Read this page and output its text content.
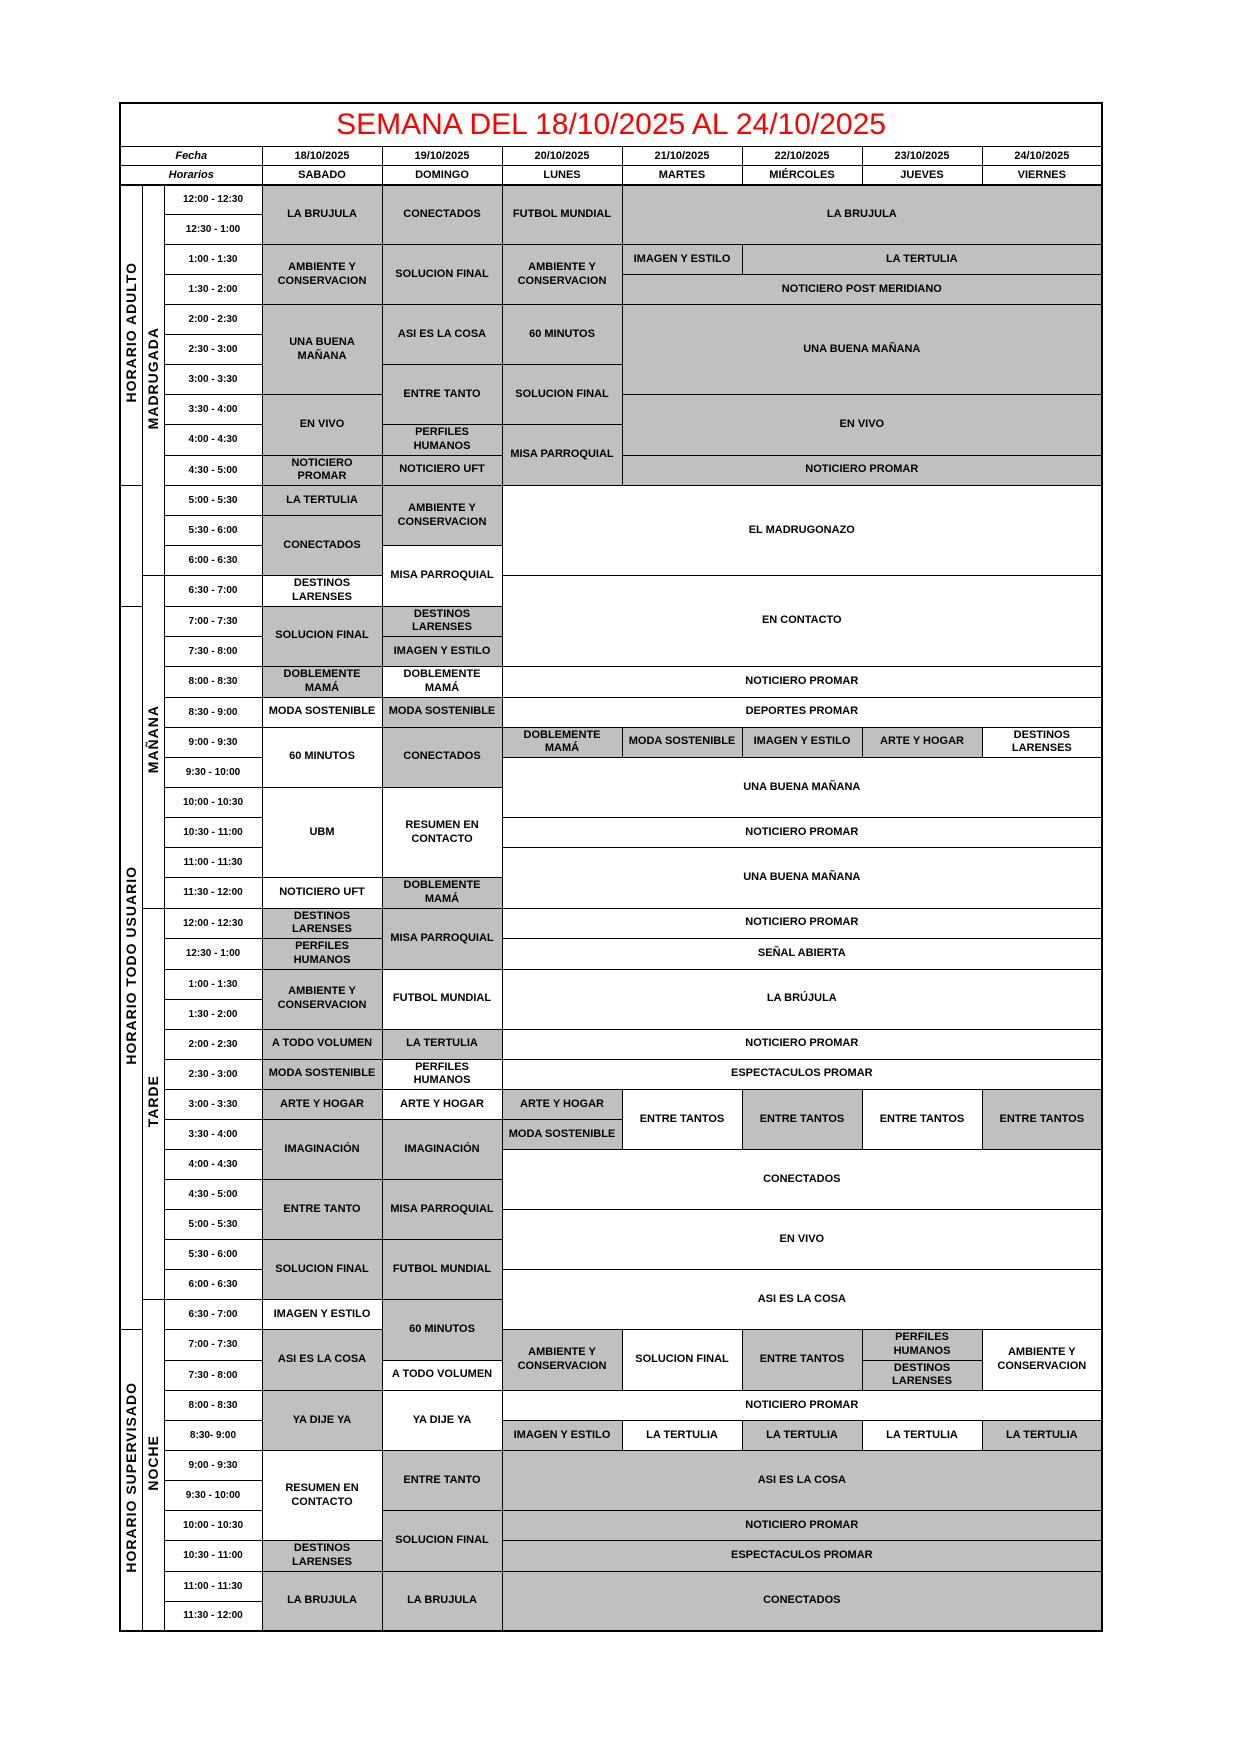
SEMANA DEL 18/10/2025 AL 24/10/2025									
Fecha			18/10/2025	19/10/2025	20/10/2025	21/10/2025	22/10/2025	23/10/2025	24/10/2025
Horarios			SABADO	DOMINGO	LUNES	MARTES	MIÉRCOLES	JUEVES	VIERNES
HORARIO ADULTO	MADRUGADA	12:00 - 12:30	LA BRUJULA	CONECTADOS	FUTBOL MUNDIAL	LA BRUJULA			
		12:30 - 1:00							
		1:00 - 1:30	AMBIENTE Y CONSERVACION	SOLUCION FINAL	AMBIENTE Y CONSERVACION	IMAGEN Y ESTILO	LA TERTULIA		
		1:30 - 2:00				NOTICIERO POST MERIDIANO			
		2:00 - 2:30	UNA BUENA MAÑANA	ASI ES LA COSA	60 MINUTOS	UNA BUENA MAÑANA			
		2:30 - 3:00							
		3:00 - 3:30		ENTRE TANTO	SOLUCION FINAL				
		3:30 - 4:00	EN VIVO			EN VIVO			
		4:00 - 4:30		PERFILES HUMANOS	MISA PARROQUIAL				
		4:30 - 5:00	NOTICIERO PROMAR	NOTICIERO UFT		NOTICIERO PROMAR			
		5:00 - 5:30	LA TERTULIA	AMBIENTE Y CONSERVACION	EL MADRUGONAZO				
		5:30 - 6:00	CONECTADOS						
		6:00 - 6:30		MISA PARROQUIAL					
	MAÑANA	6:30 - 7:00	DESTINOS LARENSES		EN CONTACTO				
HORARIO TODO USUARIO		7:00 - 7:30	SOLUCION FINAL	DESTINOS LARENSES					
		7:30 - 8:00		IMAGEN Y ESTILO					
		8:00 - 8:30	DOBLEMENTE MAMÁ	DOBLEMENTE MAMÁ	NOTICIERO PROMAR				
		8:30 - 9:00	MODA SOSTENIBLE	MODA SOSTENIBLE	DEPORTES PROMAR				
		9:00 - 9:30	60 MINUTOS	CONECTADOS	DOBLEMENTE MAMÁ	MODA SOSTENIBLE	IMAGEN Y ESTILO	ARTE Y HOGAR	DESTINOS LARENSES
		9:30 - 10:00			UNA BUENA MAÑANA				
		10:00 - 10:30	UBM	RESUMEN EN CONTACTO					
		10:30 - 11:00			NOTICIERO PROMAR				
		11:00 - 11:30			UNA BUENA MAÑANA				
		11:30 - 12:00	NOTICIERO UFT	DOBLEMENTE MAMÁ					
	TARDE	12:00 - 12:30	DESTINOS LARENSES	MISA PARROQUIAL	NOTICIERO PROMAR				
		12:30 - 1:00	PERFILES HUMANOS		SEÑAL ABIERTA				
		1:00 - 1:30	AMBIENTE Y CONSERVACION	FUTBOL MUNDIAL	LA BRÚJULA				
		1:30 - 2:00							
		2:00 - 2:30	A TODO VOLUMEN	LA TERTULIA	NOTICIERO PROMAR				
		2:30 - 3:00	MODA SOSTENIBLE	PERFILES HUMANOS	ESPECTACULOS PROMAR				
		3:00 - 3:30	ARTE Y HOGAR	ARTE Y HOGAR	ARTE Y HOGAR	ENTRE TANTOS	ENTRE TANTOS	ENTRE TANTOS	ENTRE TANTOS
		3:30 - 4:00	IMAGINACIÓN	IMAGINACIÓN	MODA SOSTENIBLE				
		4:00 - 4:30			CONECTADOS				
		4:30 - 5:00	ENTRE TANTO	MISA PARROQUIAL					
		5:00 - 5:30			EN VIVO				
		5:30 - 6:00	SOLUCION FINAL	FUTBOL MUNDIAL					
		6:00 - 6:30			ASI ES LA COSA				
	NOCHE	6:30 - 7:00	IMAGEN Y ESTILO	60 MINUTOS					
HORARIO SUPERVISADO		7:00 - 7:30	ASI ES LA COSA		AMBIENTE Y CONSERVACION	SOLUCION FINAL	ENTRE TANTOS	PERFILES HUMANOS	AMBIENTE Y CONSERVACION
		7:30 - 8:00		A TODO VOLUMEN				DESTINOS LARENSES	
		8:00 - 8:30	YA DIJE YA	YA DIJE YA	NOTICIERO PROMAR				
		8:30- 9:00			IMAGEN Y ESTILO	LA TERTULIA	LA TERTULIA	LA TERTULIA	LA TERTULIA
		9:00 - 9:30	RESUMEN EN CONTACTO	ENTRE TANTO	ASI ES LA COSA				
		9:30 - 10:00							
		10:00 - 10:30		SOLUCION FINAL	NOTICIERO PROMAR				
		10:30 - 11:00	DESTINOS LARENSES		ESPECTACULOS PROMAR				
		11:00 - 11:30	LA BRUJULA	LA BRUJULA	CONECTADOS				
		11:30 - 12:00							
